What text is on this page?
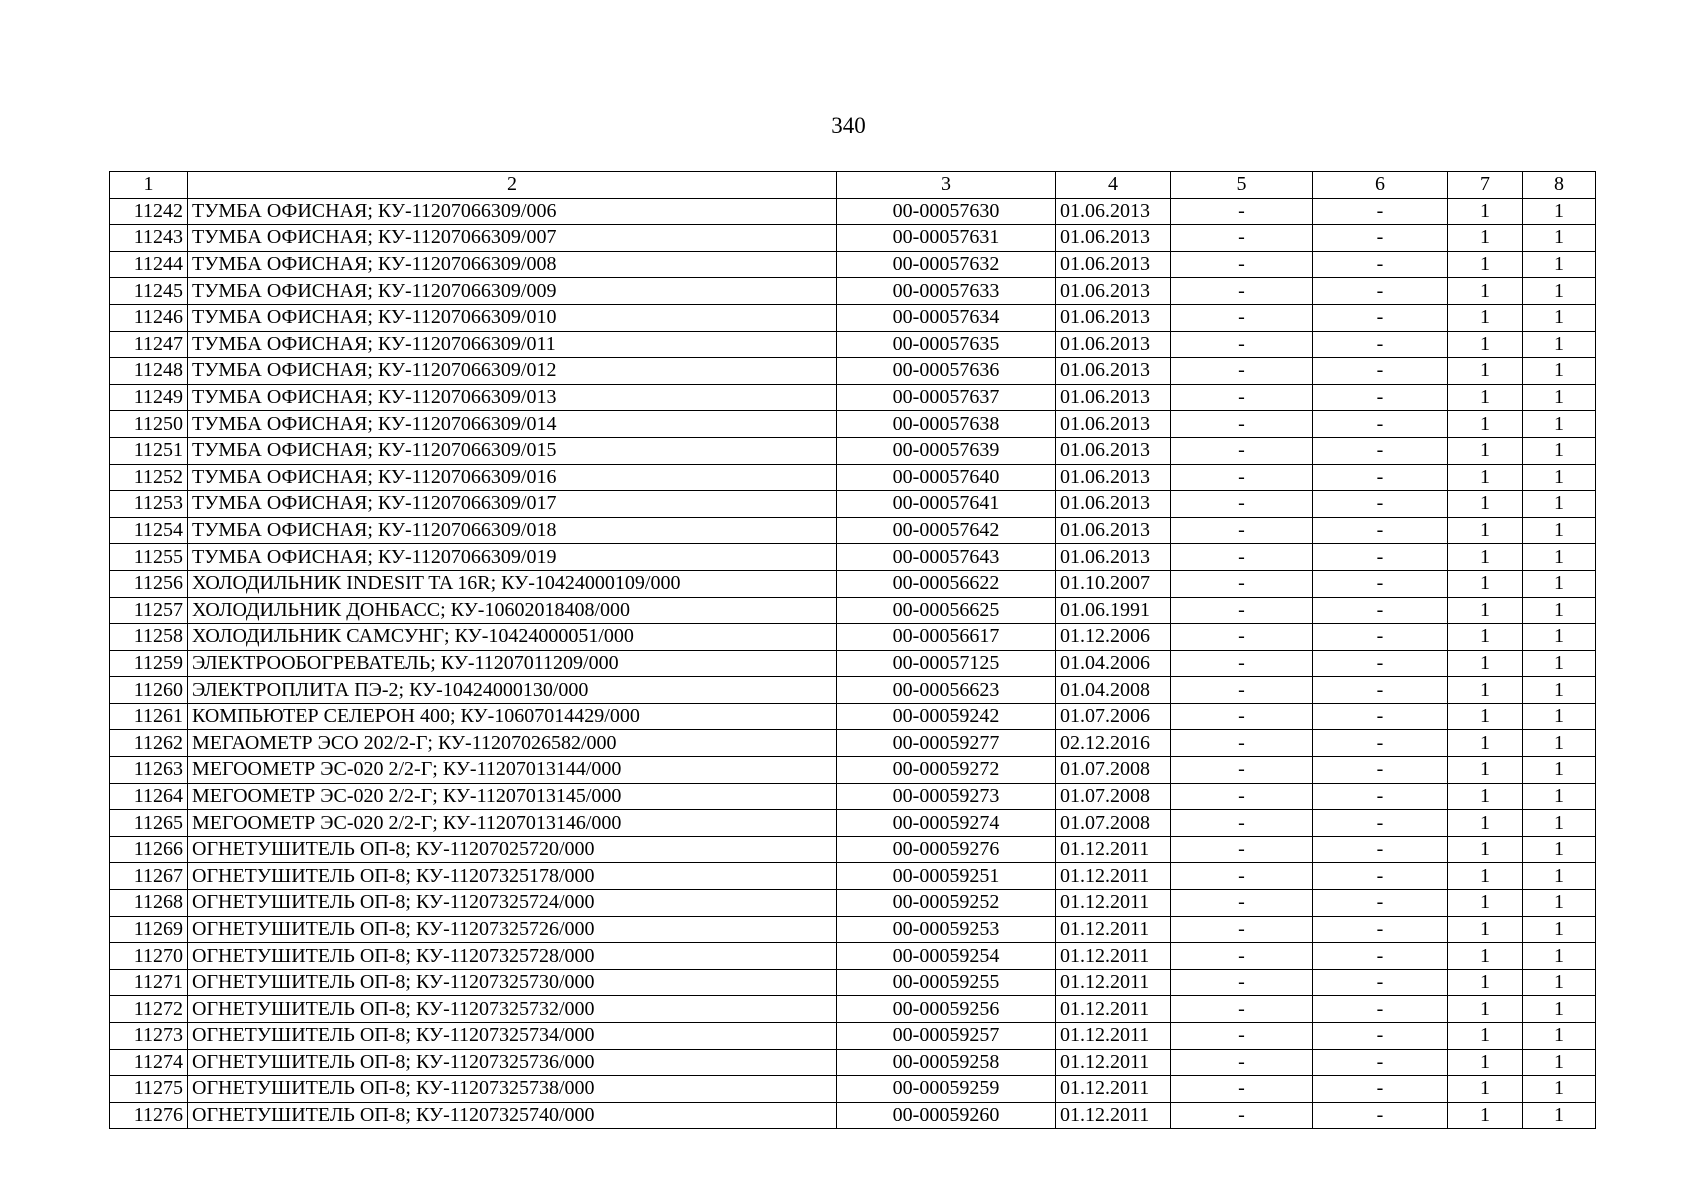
340
1	2	3	4	5	6	7	8
11242	ТУМБА ОФИСНАЯ; КУ-11207066309/006	00-00057630	01.06.2013	-	-	1	1
11243	ТУМБА ОФИСНАЯ; КУ-11207066309/007	00-00057631	01.06.2013	-	-	1	1
11244	ТУМБА ОФИСНАЯ; КУ-11207066309/008	00-00057632	01.06.2013	-	-	1	1
11245	ТУМБА ОФИСНАЯ; КУ-11207066309/009	00-00057633	01.06.2013	-	-	1	1
11246	ТУМБА ОФИСНАЯ; КУ-11207066309/010	00-00057634	01.06.2013	-	-	1	1
11247	ТУМБА ОФИСНАЯ; КУ-11207066309/011	00-00057635	01.06.2013	-	-	1	1
11248	ТУМБА ОФИСНАЯ; КУ-11207066309/012	00-00057636	01.06.2013	-	-	1	1
11249	ТУМБА ОФИСНАЯ; КУ-11207066309/013	00-00057637	01.06.2013	-	-	1	1
11250	ТУМБА ОФИСНАЯ; КУ-11207066309/014	00-00057638	01.06.2013	-	-	1	1
11251	ТУМБА ОФИСНАЯ; КУ-11207066309/015	00-00057639	01.06.2013	-	-	1	1
11252	ТУМБА ОФИСНАЯ; КУ-11207066309/016	00-00057640	01.06.2013	-	-	1	1
11253	ТУМБА ОФИСНАЯ; КУ-11207066309/017	00-00057641	01.06.2013	-	-	1	1
11254	ТУМБА ОФИСНАЯ; КУ-11207066309/018	00-00057642	01.06.2013	-	-	1	1
11255	ТУМБА ОФИСНАЯ; КУ-11207066309/019	00-00057643	01.06.2013	-	-	1	1
11256	ХОЛОДИЛЬНИК INDESIT TA 16R; КУ-10424000109/000	00-00056622	01.10.2007	-	-	1	1
11257	ХОЛОДИЛЬНИК ДОНБАСС; КУ-10602018408/000	00-00056625	01.06.1991	-	-	1	1
11258	ХОЛОДИЛЬНИК САМСУНГ; КУ-10424000051/000	00-00056617	01.12.2006	-	-	1	1
11259	ЭЛЕКТРООБОГРЕВАТЕЛЬ; КУ-11207011209/000	00-00057125	01.04.2006	-	-	1	1
11260	ЭЛЕКТРОПЛИТА ПЭ-2; КУ-10424000130/000	00-00056623	01.04.2008	-	-	1	1
11261	КОМПЬЮТЕР СЕЛЕРОН 400; КУ-10607014429/000	00-00059242	01.07.2006	-	-	1	1
11262	МЕГАОМЕТР ЭСО 202/2-Г; КУ-11207026582/000	00-00059277	02.12.2016	-	-	1	1
11263	МЕГООМЕТР ЭС-020 2/2-Г; КУ-11207013144/000	00-00059272	01.07.2008	-	-	1	1
11264	МЕГООМЕТР ЭС-020 2/2-Г; КУ-11207013145/000	00-00059273	01.07.2008	-	-	1	1
11265	МЕГООМЕТР ЭС-020 2/2-Г; КУ-11207013146/000	00-00059274	01.07.2008	-	-	1	1
11266	ОГНЕТУШИТЕЛЬ ОП-8; КУ-11207025720/000	00-00059276	01.12.2011	-	-	1	1
11267	ОГНЕТУШИТЕЛЬ ОП-8; КУ-11207325178/000	00-00059251	01.12.2011	-	-	1	1
11268	ОГНЕТУШИТЕЛЬ ОП-8; КУ-11207325724/000	00-00059252	01.12.2011	-	-	1	1
11269	ОГНЕТУШИТЕЛЬ ОП-8; КУ-11207325726/000	00-00059253	01.12.2011	-	-	1	1
11270	ОГНЕТУШИТЕЛЬ ОП-8; КУ-11207325728/000	00-00059254	01.12.2011	-	-	1	1
11271	ОГНЕТУШИТЕЛЬ ОП-8; КУ-11207325730/000	00-00059255	01.12.2011	-	-	1	1
11272	ОГНЕТУШИТЕЛЬ ОП-8; КУ-11207325732/000	00-00059256	01.12.2011	-	-	1	1
11273	ОГНЕТУШИТЕЛЬ ОП-8; КУ-11207325734/000	00-00059257	01.12.2011	-	-	1	1
11274	ОГНЕТУШИТЕЛЬ ОП-8; КУ-11207325736/000	00-00059258	01.12.2011	-	-	1	1
11275	ОГНЕТУШИТЕЛЬ ОП-8; КУ-11207325738/000	00-00059259	01.12.2011	-	-	1	1
11276	ОГНЕТУШИТЕЛЬ ОП-8; КУ-11207325740/000	00-00059260	01.12.2011	-	-	1	1
